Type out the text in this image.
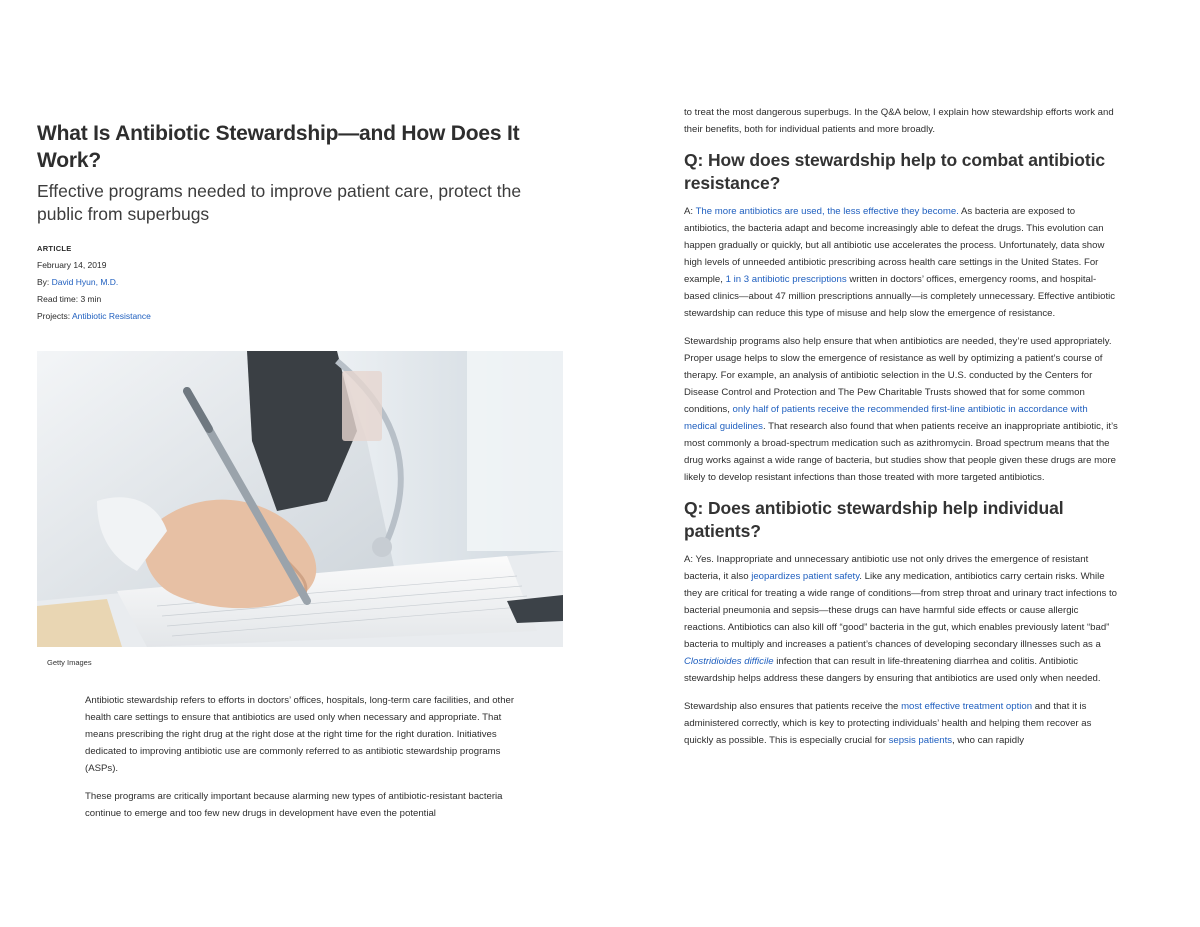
What Is Antibiotic Stewardship—and How Does It Work?
Effective programs needed to improve patient care, protect the public from superbugs
ARTICLE
February 14, 2019
By: David Hyun, M.D.
Read time: 3 min
Projects: Antibiotic Resistance
Getty Images

Antibiotic stewardship refers to efforts in doctors’ offices, hospitals, long-term care facilities, and other health care settings to ensure that antibiotics are used only when necessary and appropriate. That means prescribing the right drug at the right dose at the right time for the right duration. Initiatives dedicated to improving antibiotic use are commonly referred to as antibiotic stewardship programs (ASPs).

These programs are critically important because alarming new types of antibiotic-resistant bacteria continue to emerge and too few new drugs in development have even the potential

to treat the most dangerous superbugs. In the Q&A below, I explain how stewardship efforts work and their benefits, both for individual patients and more broadly.

Q: How does stewardship help to combat antibiotic resistance?

A: The more antibiotics are used, the less effective they become. As bacteria are exposed to antibiotics, the bacteria adapt and become increasingly able to defeat the drugs. This evolution can happen gradually or quickly, but all antibiotic use accelerates the process. Unfortunately, data show high levels of unneeded antibiotic prescribing across health care settings in the United States. For example, 1 in 3 antibiotic prescriptions written in doctors’ offices, emergency rooms, and hospital-based clinics—about 47 million prescriptions annually—is completely unnecessary. Effective antibiotic stewardship can reduce this type of misuse and help slow the emergence of resistance.

Stewardship programs also help ensure that when antibiotics are needed, they’re used appropriately. Proper usage helps to slow the emergence of resistance as well by optimizing a patient’s course of therapy. For example, an analysis of antibiotic selection in the U.S. conducted by the Centers for Disease Control and Protection and The Pew Charitable Trusts showed that for some common conditions, only half of patients receive the recommended first-line antibiotic in accordance with medical guidelines. That research also found that when patients receive an inappropriate antibiotic, it’s most commonly a broad-spectrum medication such as azithromycin. Broad spectrum means that the drug works against a wide range of bacteria, but studies show that people given these drugs are more likely to develop resistant infections than those treated with more targeted antibiotics.

Q: Does antibiotic stewardship help individual patients?

A: Yes. Inappropriate and unnecessary antibiotic use not only drives the emergence of resistant bacteria, it also jeopardizes patient safety. Like any medication, antibiotics carry certain risks. While they are critical for treating a wide range of conditions—from strep throat and urinary tract infections to bacterial pneumonia and sepsis—these drugs can have harmful side effects or cause allergic reactions. Antibiotics can also kill off “good” bacteria in the gut, which enables previously latent “bad” bacteria to multiply and increases a patient’s chances of developing secondary illnesses such as a Clostridioides difficile infection that can result in life-threatening diarrhea and colitis. Antibiotic stewardship helps address these dangers by ensuring that antibiotics are used only when needed.

Stewardship also ensures that patients receive the most effective treatment option and that it is administered correctly, which is key to protecting individuals’ health and helping them recover as quickly as possible. This is especially crucial for sepsis patients, who can rapidly
